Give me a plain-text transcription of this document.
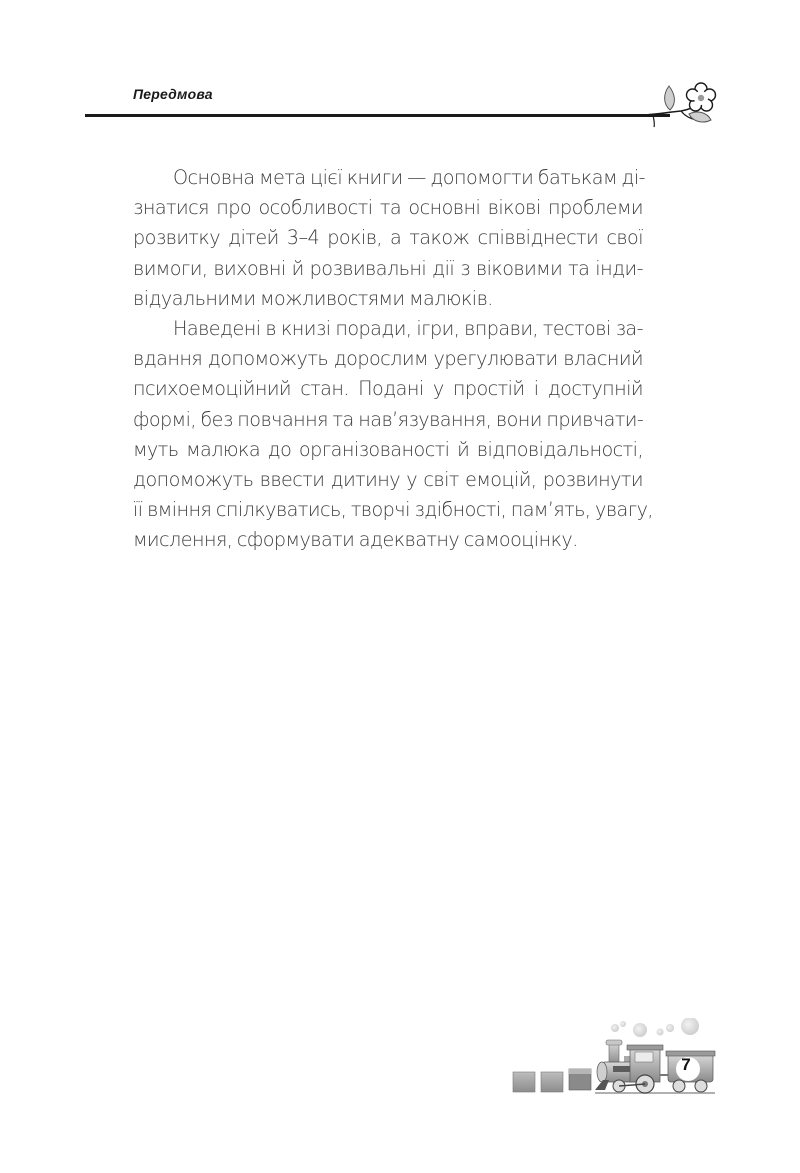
Передмова

Основна мета цієї книги — допомогти батькам ді-
знатися про особливості та основні вікові проблеми
розвитку дітей 3–4 років, а також співвіднести свої
вимоги, виховні й розвивальні дії з віковими та інди-
відуальними можливостями малюків.

Наведені в книзі поради, ігри, вправи, тестові за-
вдання допоможуть дорослим урегулювати власний
психоемоційний стан. Подані у простій і доступній
формі, без повчання та нав’язування, вони привчати-
муть малюка до організованості й відповідальності,
допоможуть ввести дитину у світ емоцій, розвинути
її вміння спілкуватись, творчі здібності, пам’ять, увагу,
мислення, сформувати адекватну самооцінку.

7
